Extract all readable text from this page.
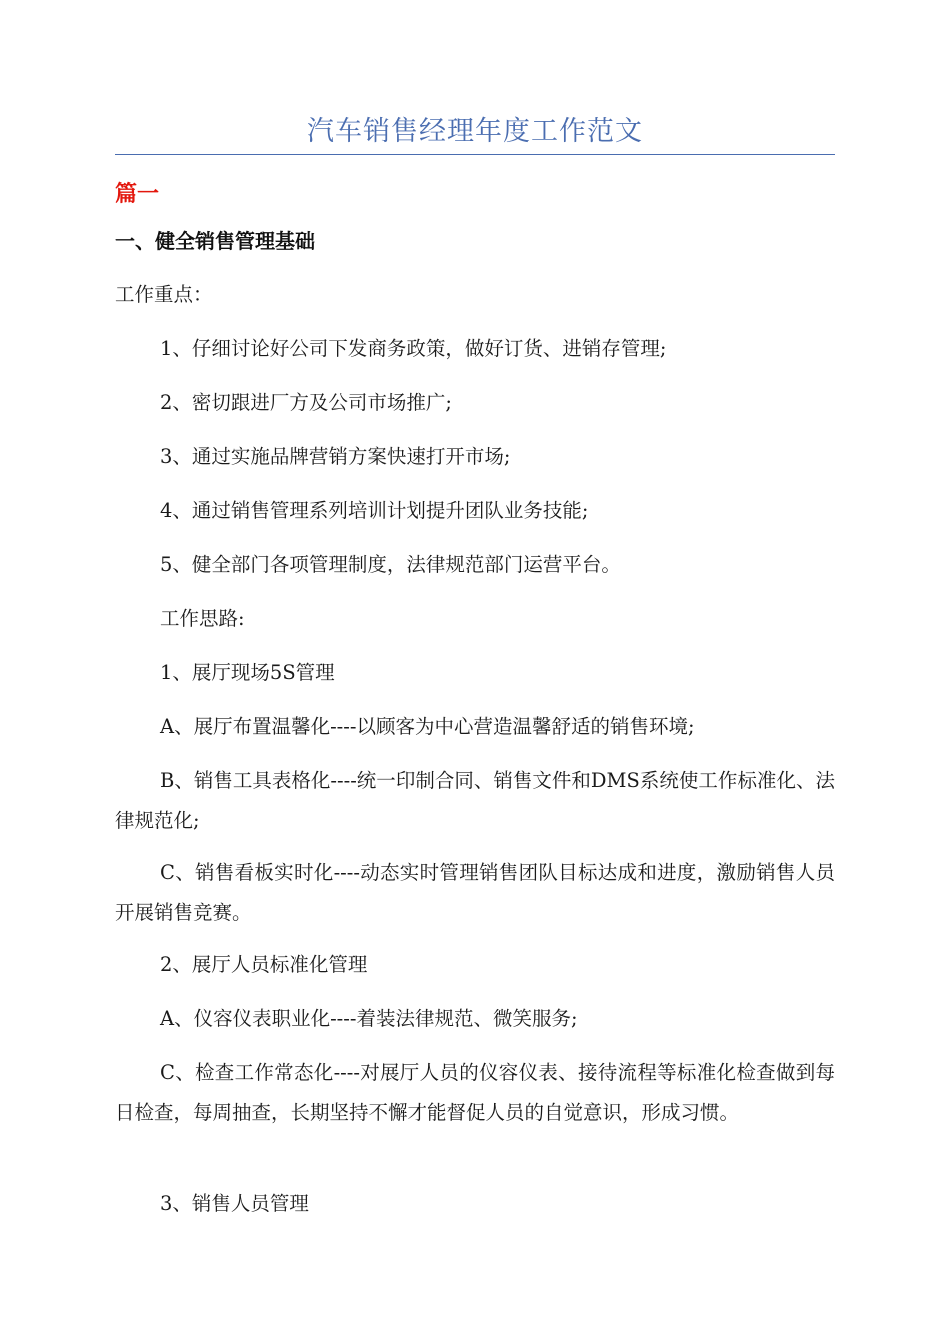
汽车销售经理年度工作范文
篇一
一、健全销售管理基础
工作重点：
1、仔细讨论好公司下发商务政策，做好订货、进销存管理;
2、密切跟进厂方及公司市场推广;
3、通过实施品牌营销方案快速打开市场;
4、通过销售管理系列培训计划提升团队业务技能;
5、健全部门各项管理制度，法律规范部门运营平台。
工作思路:
1、展厅现场5S管理
A、展厅布置温馨化----以顾客为中心营造温馨舒适的销售环境;
B、销售工具表格化----统一印制合同、销售文件和DMS系统使工作标准化、法律规范化;
C、销售看板实时化----动态实时管理销售团队目标达成和进度，激励销售人员开展销售竞赛。
2、展厅人员标准化管理
A、仪容仪表职业化----着装法律规范、微笑服务;
C、检查工作常态化----对展厅人员的仪容仪表、接待流程等标准化检查做到每日检查，每周抽查，长期坚持不懈才能督促人员的自觉意识，形成习惯。
3、销售人员管理
